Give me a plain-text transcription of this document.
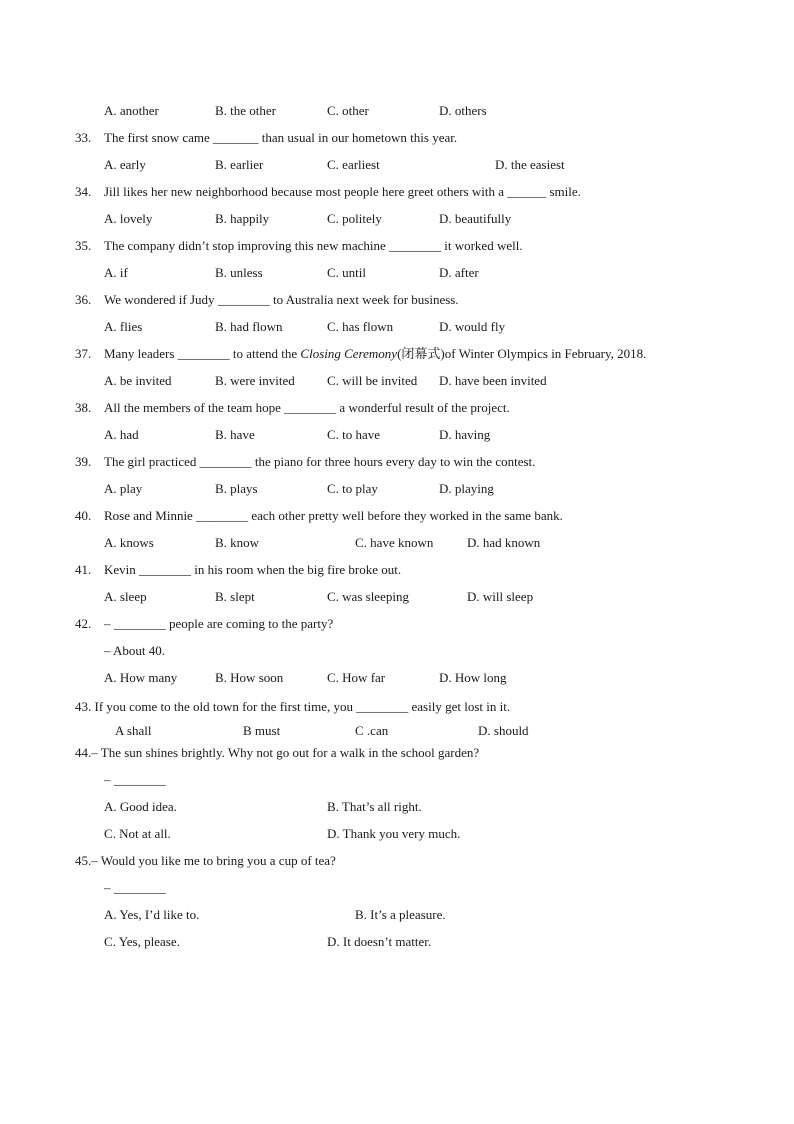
A. another	B. the other	C. other	D. others
33. The first snow came _______ than usual in our hometown this year.
A. early	B. earlier	C. earliest	D. the easiest
34. Jill likes her new neighborhood because most people here greet others with a ______ smile.
A. lovely	B. happily	C. politely	D. beautifully
35. The company didn’t stop improving this new machine ________ it worked well.
A. if	B. unless	C. until	D. after
36. We wondered if Judy ________ to Australia next week for business.
A. flies	B. had flown	C. has flown	D. would fly
37. Many leaders ________ to attend the Closing Ceremony(闭幕式)of Winter Olympics in February, 2018.
A. be invited	B. were invited C. will be invited D. have been invited
38. All the members of the team hope ________ a wonderful result of the project.
A. had	B. have	C. to have	D. having
39. The girl practiced ________ the piano for three hours every day to win the contest.
A. play	B. plays	C. to play	D. playing
40. Rose and Minnie ________ each other pretty well before they worked in the same bank.
A. knows	B. know	C. have known	D. had known
41. Kevin ________ in his room when the big fire broke out.
A. sleep	B. slept	C. was sleeping	D. will sleep
42. – ________ people are coming to the party?
– About 40.
A. How many	B. How soon	C. How far	D. How long
43. If you come to the old town for the first time, you ________ easily get lost in it.
A shall	B must	C .can	D. should
44.– The sun shines brightly. Why not go out for a walk in the school garden?
– ________
A. Good idea.	B. That’s all right.
C. Not at all.	D. Thank you very much.
45.– Would you like me to bring you a cup of tea?
– ________
A. Yes, I’d like to.	B. It’s a pleasure.
C. Yes, please.	D. It doesn’t matter.
